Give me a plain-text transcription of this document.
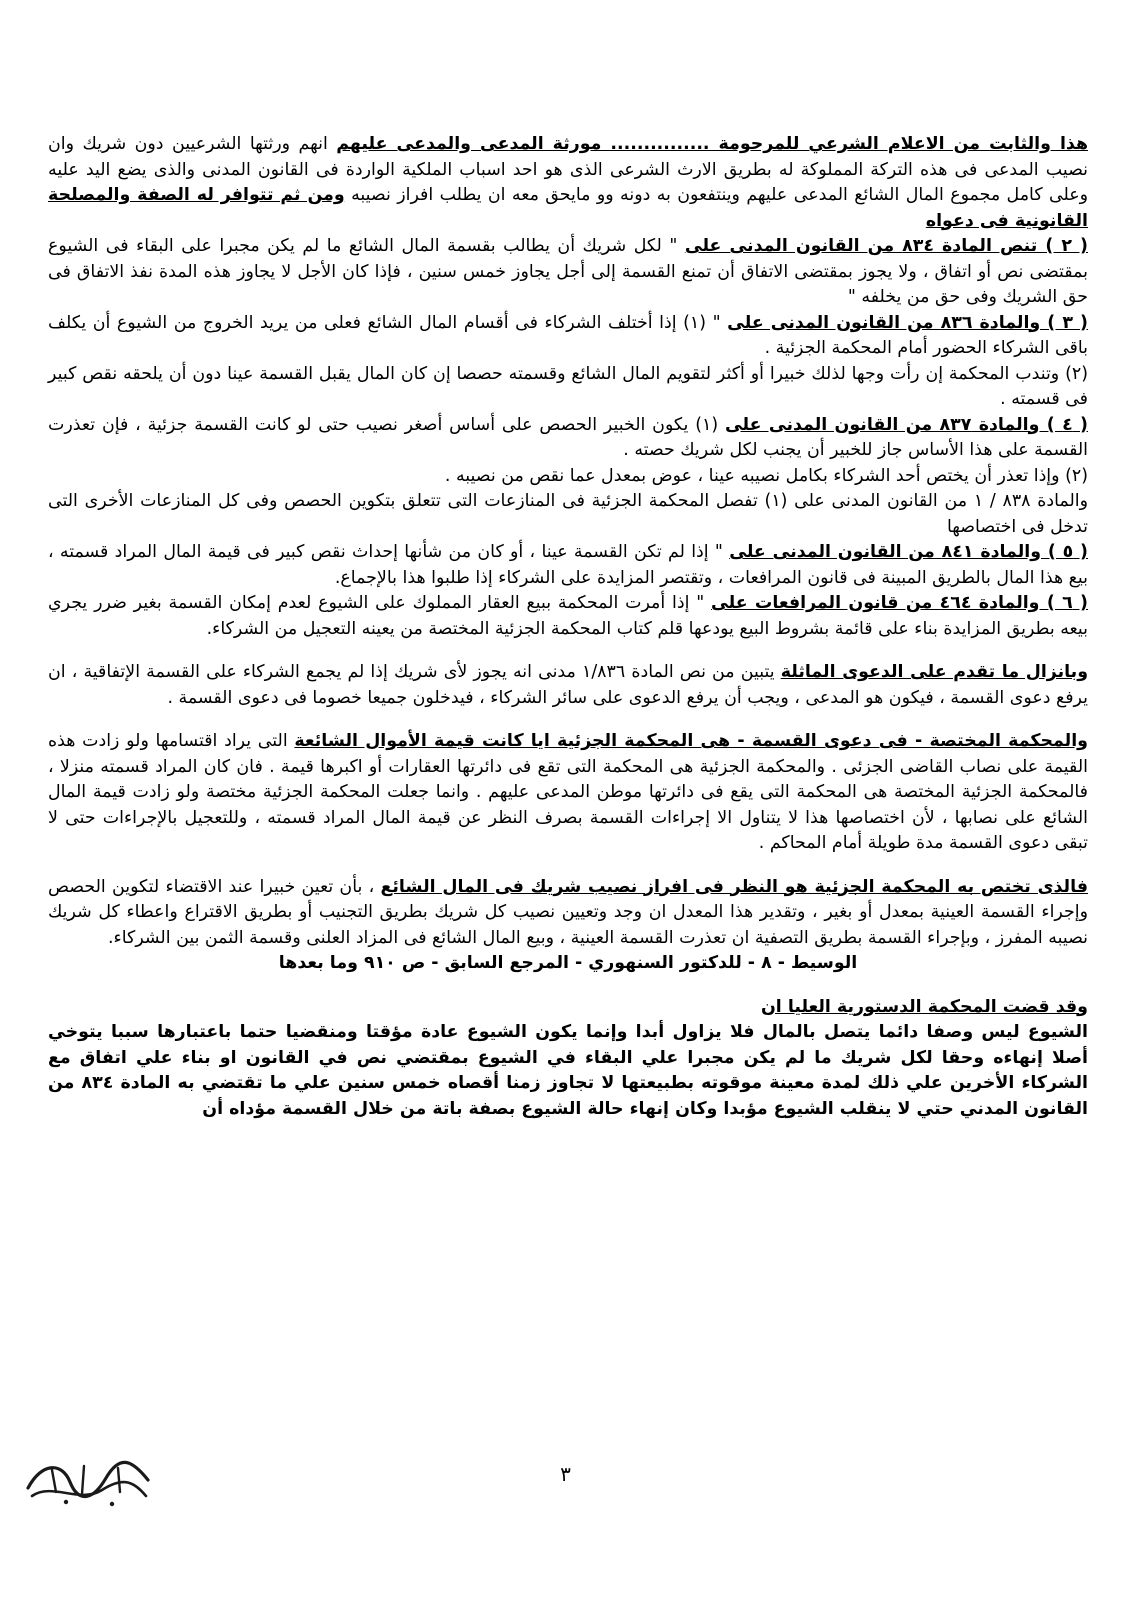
هذا والثابت من الاعلام الشرعي للمرحومة ............... مورثة المدعى والمدعى عليهم انهم ورثتها الشرعيين دون شريك وان نصيب المدعى فى هذه التركة المملوكة له بطريق الارث الشرعى الذى هو احد اسباب الملكية الواردة فى القانون المدنى والذى يضع اليد عليه وعلى كامل مجموع المال الشائع المدعى عليهم وينتفعون به دونه وو مايحق معه ان يطلب افراز نصيبه ومن ثم تتوافر له الصفة والمصلحة القانونية فى دعواه

( ٢ ) تنص المادة ٨٣٤ من القانون المدنى على " لكل شريك أن يطالب بقسمة المال الشائع ما لم يكن مجبرا على البقاء فى الشيوع بمقتضى نص أو اتفاق ، ولا يجوز بمقتضى الاتفاق أن تمنع القسمة إلى أجل يجاوز خمس سنين ، فإذا كان الأجل لا يجاوز هذه المدة نفذ الاتفاق فى حق الشريك وفى حق من يخلفه "

( ٣ ) والمادة ٨٣٦ من القانون المدنى على " (١) إذا أختلف الشركاء فى أقسام المال الشائع فعلى من يريد الخروج من الشيوع أن يكلف باقى الشركاء الحضور أمام المحكمة الجزئية .

(٢) وتندب المحكمة إن رأت وجها لذلك خبيرا أو أكثر لتقويم المال الشائع وقسمته حصصا إن كان المال يقبل القسمة عينا دون أن يلحقه نقص كبير فى قسمته .

( ٤ ) والمادة ٨٣٧ من القانون المدنى على (١) يكون الخبير الحصص على أساس أصغر نصيب حتى لو كانت القسمة جزئية ، فإن تعذرت القسمة على هذا الأساس جاز للخبير أن يجنب لكل شريك حصته .

(٢) وإذا تعذر أن يختص أحد الشركاء بكامل نصيبه عينا ، عوض بمعدل عما نقص من نصيبه .

والمادة ٨٣٨ / ١ من القانون المدنى على (١) تفصل المحكمة الجزئية فى المنازعات التى تتعلق بتكوين الحصص وفى كل المنازعات الأخرى التى تدخل فى اختصاصها

( ٥ ) والمادة ٨٤١ من القانون المدنى على " إذا لم تكن القسمة عينا ، أو كان من شأنها إحداث نقص كبير فى قيمة المال المراد قسمته ، بيع هذا المال بالطريق المبينة فى قانون المرافعات ، وتقتصر المزايدة على الشركاء إذا طلبوا هذا بالإجماع.

( ٦ ) والمادة ٤٦٤ من قانون المرافعات على " إذا أمرت المحكمة ببيع العقار المملوك على الشيوع لعدم إمكان القسمة بغير ضرر يجري بيعه بطريق المزايدة بناء على قائمة بشروط البيع يودعها قلم كتاب المحكمة الجزئية المختصة من يعينه التعجيل من الشركاء.

وبانزال ما تقدم على الدعوى الماثلة يتبين من نص المادة ١/٨٣٦ مدنى انه يجوز لأى شريك إذا لم يجمع الشركاء على القسمة الإتفاقية ، ان يرفع دعوى القسمة ، فيكون هو المدعى ، ويجب أن يرفع الدعوى على سائر الشركاء ، فيدخلون جميعا خصوما فى دعوى القسمة .

والمحكمة المختصة - فى دعوى القسمة - هى المحكمة الجزئية ايا كانت قيمة الأموال الشائعة التى يراد اقتسامها ولو زادت هذه القيمة على نصاب القاضى الجزئى . والمحكمة الجزئية هى المحكمة التى تقع فى دائرتها العقارات أو اكبرها قيمة . فان كان المراد قسمته منزلا ، فالمحكمة الجزئية المختصة هى المحكمة التى يقع فى دائرتها موطن المدعى عليهم . وانما جعلت المحكمة الجزئية مختصة ولو زادت قيمة المال الشائع على نصابها ، لأن اختصاصها هذا لا يتناول الا إجراءات القسمة بصرف النظر عن قيمة المال المراد قسمته ، وللتعجيل بالإجراءات حتى لا تبقى دعوى القسمة مدة طويلة أمام المحاكم .

فالذى تختص به المحكمة الجزئية هو النظر فى افراز نصيب شريك فى المال الشائع ، بأن تعين خبيرا عند الاقتضاء لتكوين الحصص وإجراء القسمة العينية بمعدل أو بغير ، وتقدير هذا المعدل ان وجد وتعيين نصيب كل شريك بطريق التجنيب أو بطريق الاقتراع واعطاء كل شريك نصيبه المفرز ، وبإجراء القسمة بطريق التصفية ان تعذرت القسمة العينية ، وبيع المال الشائع فى المزاد العلنى وقسمة الثمن بين الشركاء.

الوسيط - ٨ - للدكتور السنهوري - المرجع السابق - ص ٩١٠ وما بعدها

وقد قضت المحكمة الدستورية العليا ان

الشيوع ليس وصفا دائما يتصل بالمال فلا يزاول أبدا وإنما يكون الشيوع عادة مؤقتا ومنقضيا حتما باعتبارها سببا يتوخي أصلا إنهاءه وحقا لكل شريك ما لم يكن مجبرا علي البقاء في الشيوع بمقتضي نص في القانون او بناء علي اتفاق مع الشركاء الأخرين علي ذلك لمدة معينة موقوته بطبيعتها لا تجاوز زمنا أقصاه خمس سنين علي ما تقتضي به المادة ٨٣٤ من القانون المدني حتي لا ينقلب الشيوع مؤبدا وكان إنهاء حالة الشيوع بصفة باتة من خلال القسمة مؤداه أن

٣
